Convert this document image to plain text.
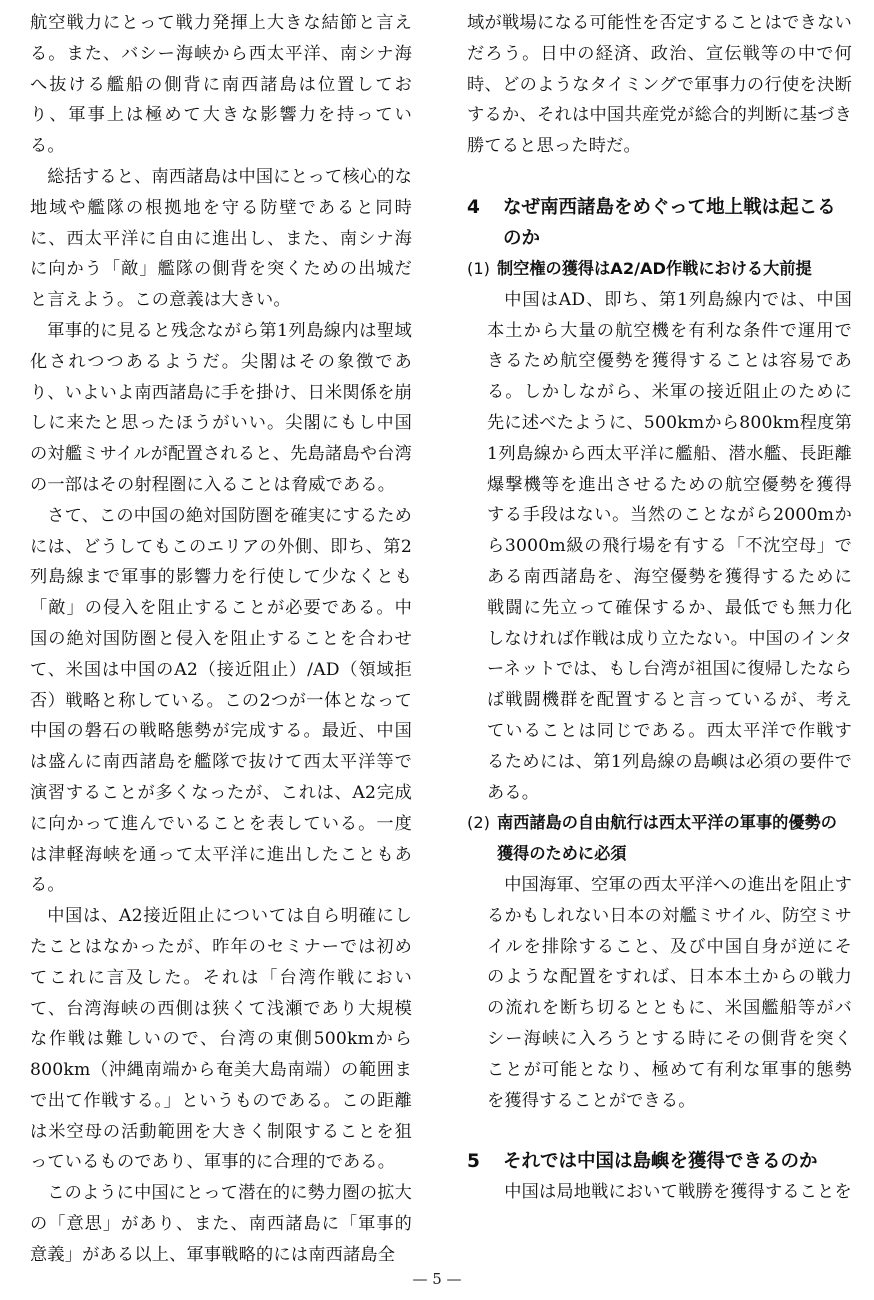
航空戦力にとって戦力発揮上大きな結節と言える。また、バシー海峡から西太平洋、南シナ海へ抜ける艦船の側背に南西諸島は位置しており、軍事上は極めて大きな影響力を持っている。

総括すると、南西諸島は中国にとって核心的な地域や艦隊の根拠地を守る防壁であると同時に、西太平洋に自由に進出し、また、南シナ海に向かう「敵」艦隊の側背を突くための出城だと言えよう。この意義は大きい。

軍事的に見ると残念ながら第1列島線内は聖域化されつつあるようだ。尖閣はその象徴であり、いよいよ南西諸島に手を掛け、日米関係を崩しに来たと思ったほうがいい。尖閣にもし中国の対艦ミサイルが配置されると、先島諸島や台湾の一部はその射程圏に入ることは脅威である。

さて、この中国の絶対国防圏を確実にするためには、どうしてもこのエリアの外側、即ち、第2列島線まで軍事的影響力を行使して少なくとも「敵」の侵入を阻止することが必要である。中国の絶対国防圏と侵入を阻止することを合わせて、米国は中国のA2（接近阻止）/AD（領域拒否）戦略と称している。この2つが一体となって中国の磐石の戦略態勢が完成する。最近、中国は盛んに南西諸島を艦隊で抜けて西太平洋等で演習することが多くなったが、これは、A2完成に向かって進んでいることを表している。一度は津軽海峡を通って太平洋に進出したこともある。

中国は、A2接近阻止については自ら明確にしたことはなかったが、昨年のセミナーでは初めてこれに言及した。それは「台湾作戦において、台湾海峡の西側は狭くて浅瀬であり大規模な作戦は難しいので、台湾の東側500kmから800km（沖縄南端から奄美大島南端）の範囲まで出て作戦する。」というものである。この距離は米空母の活動範囲を大きく制限することを狙っているものであり、軍事的に合理的である。

このように中国にとって潜在的に勢力圏の拡大の「意思」があり、また、南西諸島に「軍事的意義」がある以上、軍事戦略的には南西諸島全

域が戦場になる可能性を否定することはできないだろう。日中の経済、政治、宣伝戦等の中で何時、どのようなタイミングで軍事力の行使を決断するか、それは中国共産党が総合的判断に基づき勝てると思った時だ。

4	なぜ南西諸島をめぐって地上戦は起こるのか
(1) 制空権の獲得はA2/AD作戦における大前提

中国はAD、即ち、第1列島線内では、中国本土から大量の航空機を有利な条件で運用できるため航空優勢を獲得することは容易である。しかしながら、米軍の接近阻止のために先に述べたように、500kmから800km程度第1列島線から西太平洋に艦船、潜水艦、長距離爆撃機等を進出させるための航空優勢を獲得する手段はない。当然のことながら2000mから3000m級の飛行場を有する「不沈空母」である南西諸島を、海空優勢を獲得するために戦闘に先立って確保するか、最低でも無力化しなければ作戦は成り立たない。中国のインターネットでは、もし台湾が祖国に復帰したならば戦闘機群を配置すると言っているが、考えていることは同じである。西太平洋で作戦するためには、第1列島線の島嶼は必須の要件である。

(2) 南西諸島の自由航行は西太平洋の軍事的優勢の獲得のために必須

中国海軍、空軍の西太平洋への進出を阻止するかもしれない日本の対艦ミサイル、防空ミサイルを排除すること、及び中国自身が逆にそのような配置をすれば、日本本土からの戦力の流れを断ち切るとともに、米国艦船等がバシー海峡に入ろうとする時にその側背を突くことが可能となり、極めて有利な軍事的態勢を獲得することができる。

5	それでは中国は島嶼を獲得できるのか

中国は局地戦において戦勝を獲得することを

— 5 —
